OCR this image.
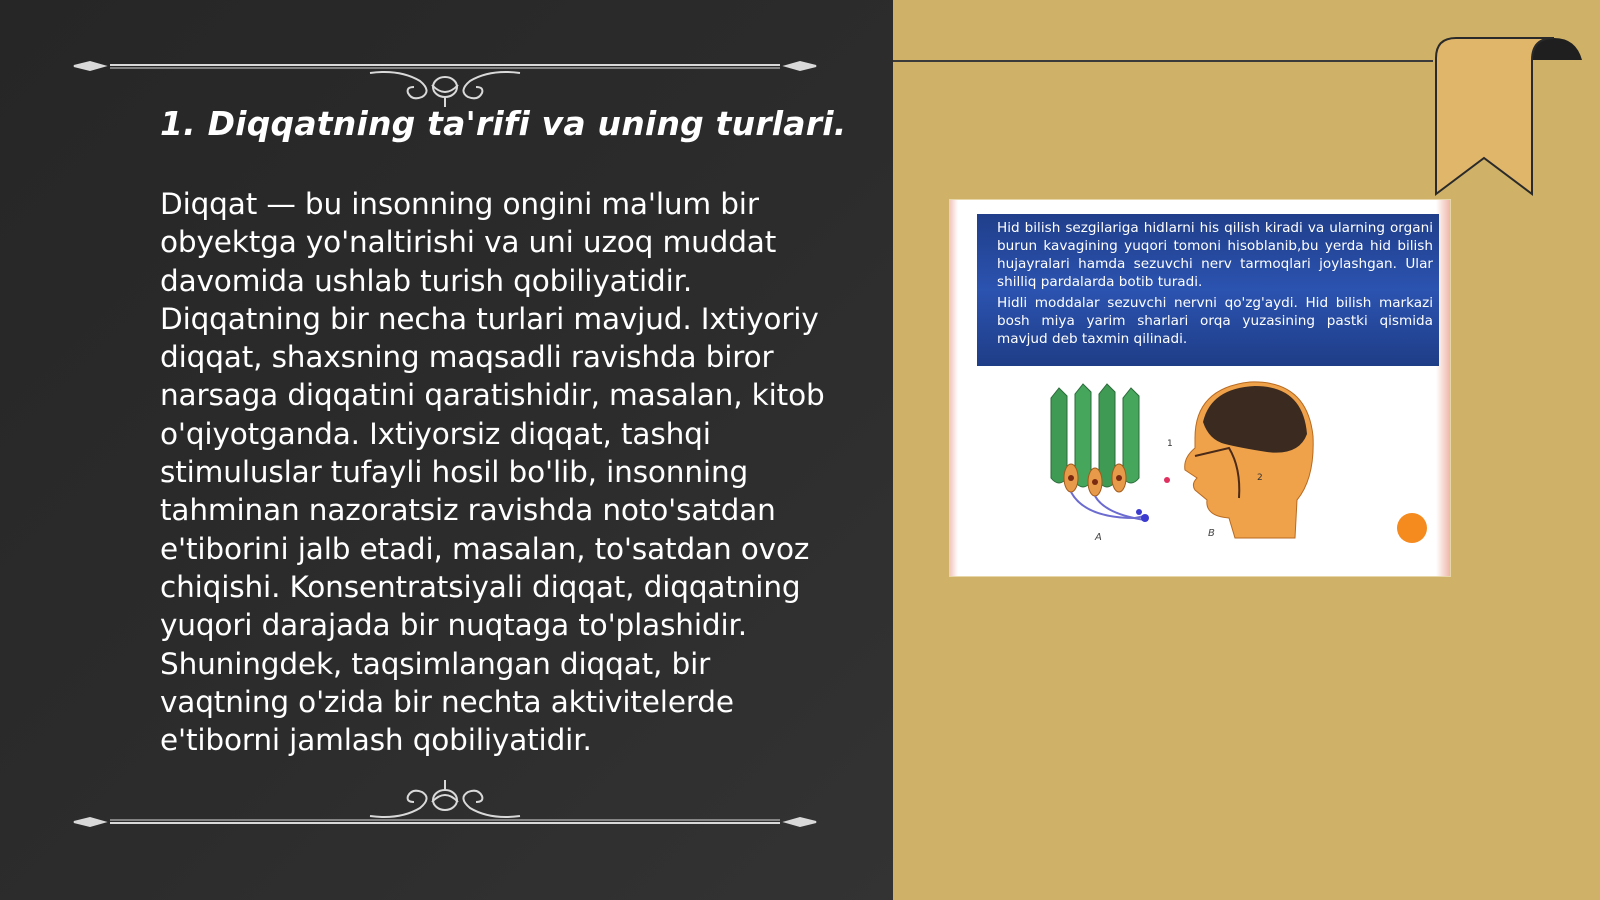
1. Diqqatning ta'rifi va uning turlari.

Diqqat — bu insonning ongini ma'lum bir obyektga yo'naltirishi va uni uzoq muddat davomida ushlab turish qobiliyatidir. Diqqatning bir necha turlari mavjud. Ixtiyoriy diqqat, shaxsning maqsadli ravishda biror narsaga diqqatini qaratishidir, masalan, kitob o'qiyotganda. Ixtiyorsiz diqqat, tashqi stimuluslar tufayli hosil bo'lib, insonning tahminan nazoratsiz ravishda noto'satdan e'tiborini jalb etadi, masalan, to'satdan ovoz chiqishi. Konsentratsiyali diqqat, diqqatning yuqori darajada bir nuqtaga to'plashidir. Shuningdek, taqsimlangan diqqat, bir vaqtning o'zida bir nechta aktivitelerde e'tiborni jamlash qobiliyatidir.

Hid bilish sezgilariga hidlarni his qilish kiradi va ularning organi burun kavagining yuqori tomoni hisoblanib,bu yerda hid bilish hujayralari hamda sezuvchi nerv tarmoqlari joylashgan. Ular shilliq pardalarda botib turadi.

Hidli moddalar sezuvchi nervni qo'zg'aydi. Hid bilish markazi bosh miya yarim sharlari orqa yuzasining pastki qismida mavjud deb taxmin qilinadi.

A
1
2
B
